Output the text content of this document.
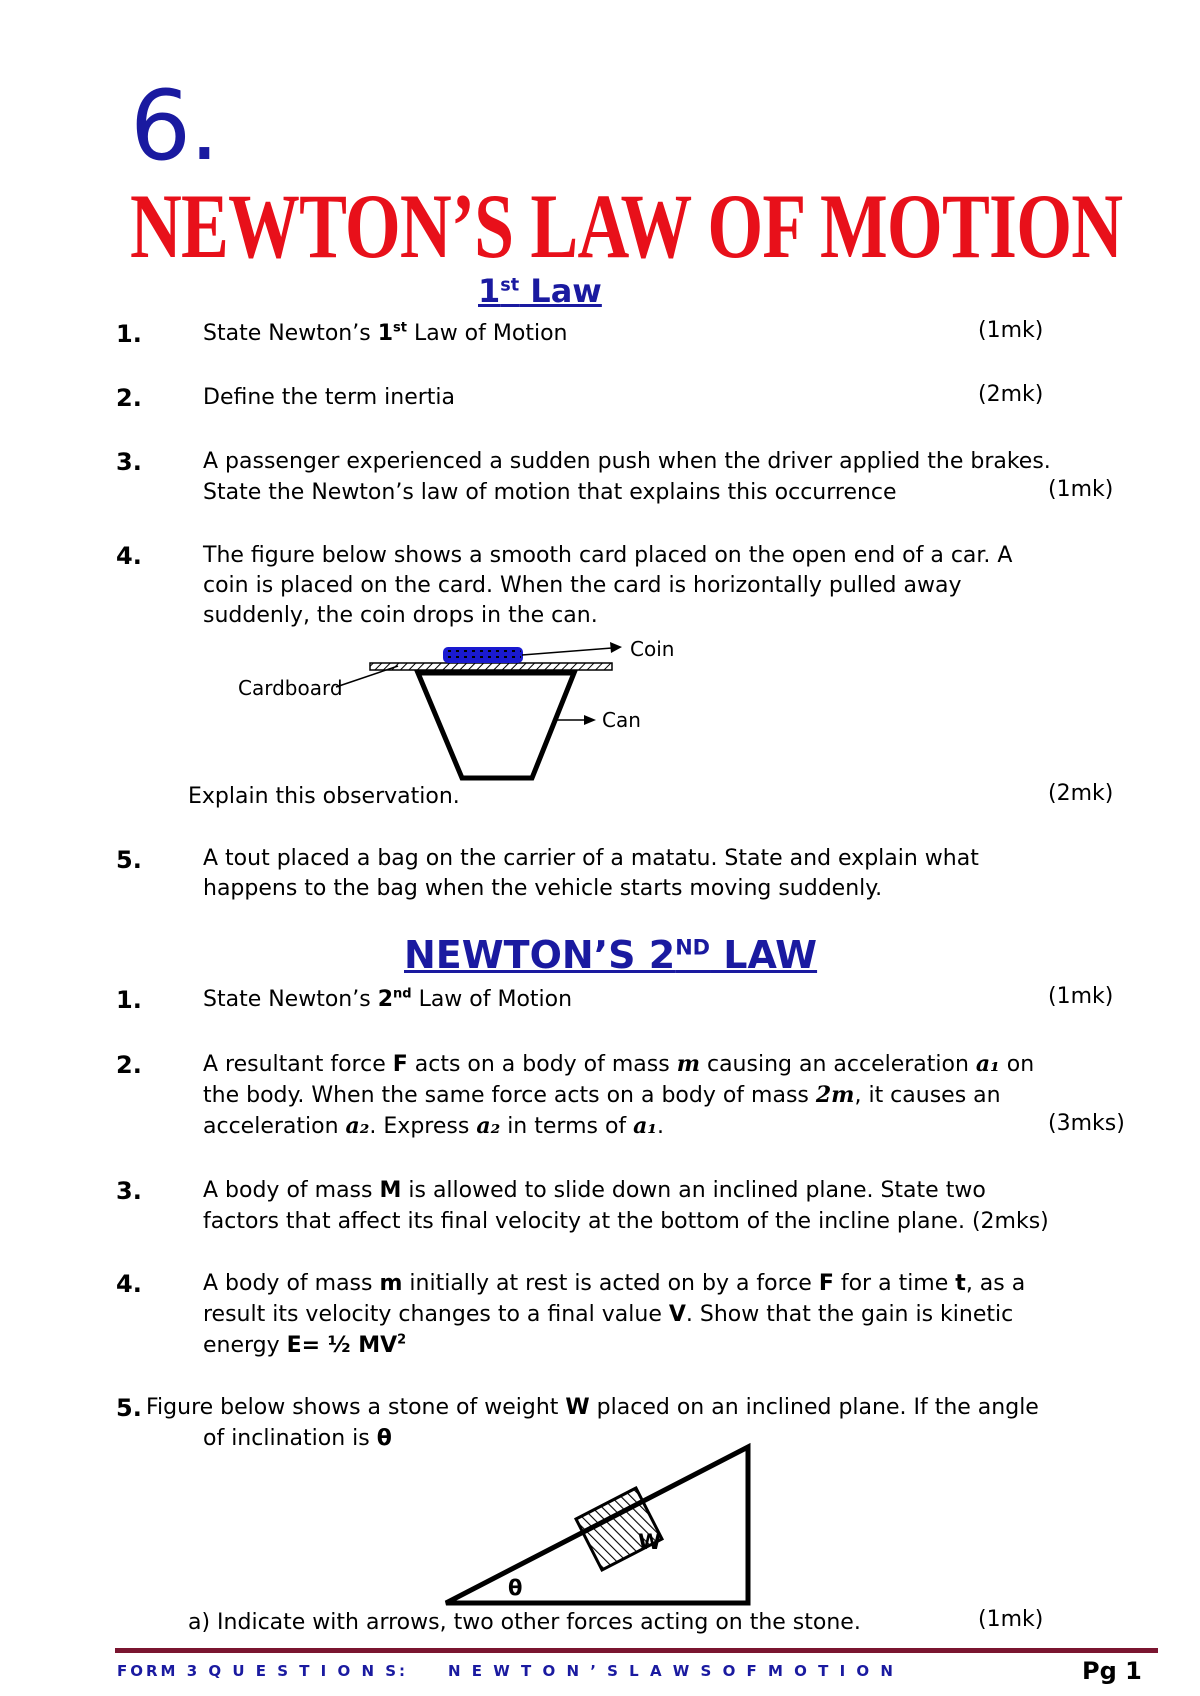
6.
NEWTON’S LAW OF MOTION
1st Law
1.	State Newton’s 1st Law of Motion	(1mk)
2.	Define the term inertia	(2mk)
3.	A passenger experienced a sudden push when the driver applied the brakes.
State the Newton’s law of motion that explains this occurrence	(1mk)
4.	The figure below shows a smooth card placed on the open end of a car. A
coin is placed on the card. When the card is horizontally pulled away
suddenly, the coin drops in the can.
Coin
Cardboard
Can
Explain this observation.	(2mk)
5.	A tout placed a bag on the carrier of a matatu. State and explain what
happens to the bag when the vehicle starts moving suddenly.
NEWTON’S 2ND LAW
1.	State Newton’s 2nd Law of Motion	(1mk)
2.	A resultant force F acts on a body of mass m causing an acceleration a₁ on
the body. When the same force acts on a body of mass 2m, it causes an
acceleration a₂. Express a₂ in terms of a₁.	(3mks)
3.	A body of mass M is allowed to slide down an inclined plane. State two
factors that affect its final velocity at the bottom of the incline plane. (2mks)
4.	A body of mass m initially at rest is acted on by a force F for a time t, as a
result its velocity changes to a final value V. Show that the gain is kinetic
energy E= ½ $MV^2$
5. Figure below shows a stone of weight W placed on an inclined plane. If the angle
of inclination is θ
W
θ
a) Indicate with arrows, two other forces acting on the stone.	(1mk)
FORM 3 Q U E S T I O N S:	N E W T O N ’ S L A W S O F M O T I O N	Pg 1
